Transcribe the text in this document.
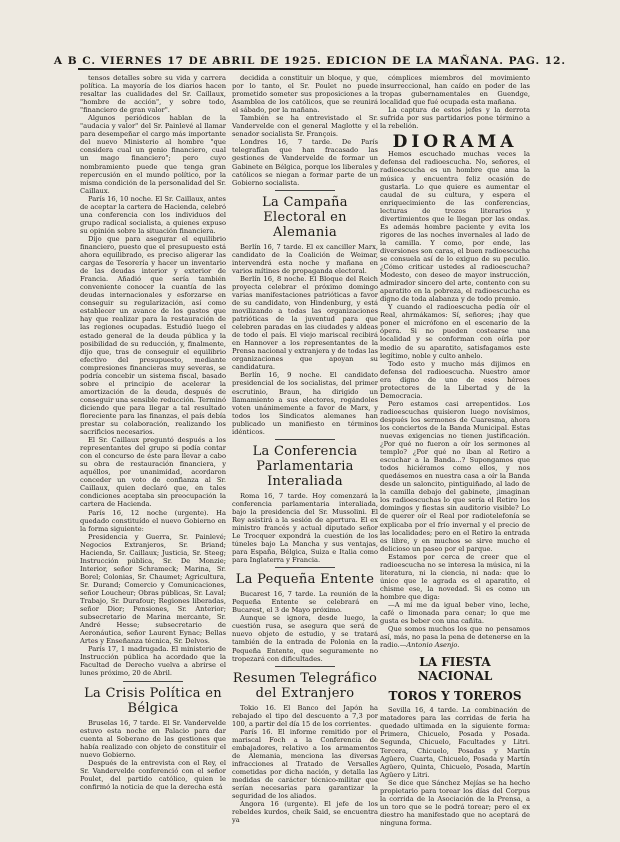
A B C. VIERNES 17 DE ABRIL DE 1925. EDICION DE LA MAÑANA. PAG. 12.

tensos detalles sobre su vida y carrera política. La mayoría de los diarios hacen resaltar las cualidades del Sr. Caillaux, "hombre de acción", y sobre todo, "financiero de gran valor".

Algunos periódicos hablan de la "audacia y valor" del Sr. Painlevé al llamar para desempeñar el cargo más importante del nuevo Ministerio al hombre "que considera cual un genio financiero, cual un mago financiero"; pero cuyo nombramiento puede que tenga gran repercusión en el mundo político, por la misma condición de la personalidad del Sr. Caillaux.

París 16, 10 noche. El Sr. Caillaux, antes de aceptar la cartera de Hacienda, celebró una conferencia con los individuos del grupo radical socialista, a quienes expuso su opinión sobre la situación financiera.

Dijo que para asegurar el equilibrio financiero, puesto que el presupuesto está ahora equilibrado, es preciso aligerar las cargas de Tesorería y hacer un inventario de las deudas interior y exterior de Francia. Añadió que sería también conveniente conocer la cuantía de las deudas internacionales y esforzarse en conseguir su regularización, así como establecer un avance de los gastos que hay que realizar para la restauración de las regiones ocupadas. Estudió luego el estado general de la deuda pública y la posibilidad de su reducción, y, finalmente, dijo que, tras de conseguir el equilibrio efectivo del presupuesto, mediante compresiones financieras muy severas, se podría concebir un sistema fiscal, basado sobre el principio de acelerar la amortización de la deuda, después de conseguir una sensible reducción. Terminó diciendo que para llegar a tal resultado floreciente para las finanzas, el país debía prestar su colaboración, realizando los sacrificios necesarios.

El Sr. Caillaux preguntó después a los representantes del grupo si podía contar con el concurso de éste para llevar a cabo su obra de restauración financiera, y aquéllos, por unanimidad, acordaron conceder un voto de confianza al Sr. Caillaux, quien declaró que, en tales condiciones aceptaba sin preocupación la cartera de Hacienda.

París 16, 12 noche (urgente). Ha quedado constituído el nuevo Gobierno en la forma siguiente:

Presidencia y Guerra, Sr. Painlevé; Negocios Extranjeros, Sr. Briand; Hacienda, Sr. Caillaux; Justicia, Sr. Steeg; Instrucción pública, Sr. De Monzie; Interior, señor Schrameck; Marina, Sr. Borel; Colonias, Sr. Chaumet; Agricultura, Sr. Durand; Comercio y Comunicaciones, señor Loucheur; Obras públicas, Sr. Laval; Trabajo, Sr. Durafour; Regiones liberadas, señor Dior; Pensiones, Sr. Anterior; subsecretario de Marina mercante, Sr. André Hesse; subsecretario de Aeronáutica, señor Laurent Eynac; Bellas Artes y Enseñanza técnica, Sr. Delvos.

París 17, 1 madrugada. El ministerio de Instrucción pública ha acordado que la Facultad de Derecho vuelva a abrirse el lunes próximo, 20 de Abril.

La Crisis Política en Bélgica

Bruselas 16, 7 tarde. El Sr. Vandervelde estuvo esta noche en Palacio para dar cuenta al Soberano de las gestiones que había realizado con objeto de constituir el nuevo Gobierno.

Después de la entrevista con el Rey, el Sr. Vandervelde conferenció con el señor Poulet, del partido católico, quien le confirmó la noticia de que la derecha está

decidida a constituir un bloque, y que, por lo tanto, el Sr. Poulet no puede prometido someter sus proposiciones a la Asamblea de los católicos, que se reunirá el sábado, por la mañana.

También se ha entrevistado el Sr. Vandervelde con el general Maglotte y el senador socialista Sr. François.

Londres 16, 7 tarde. De París telegrafían que han fracasado las gestiones de Vandervelde de formar un Gabinete en Bélgica, porque los liberales y católicos se niegan a formar parte de un Gobierno socialista.

La Campaña Electoral en Alemania

Berlín 16, 7 tarde. El ex canciller Marx, candidato de la Coalición de Weimar, intervendrá esta noche y mañana en varios mítines de propaganda electoral.

Berlín 16, 8 noche. El Bloque del Reich proyecta celebrar el próximo domingo varias manifestaciones patrióticas a favor de su candidato, von Hindenburg, y está movilizando a todas las organizaciones patrióticas de la juventud para que celebren paradas en las ciudades y aldeas de todo el país. El viejo mariscal recibirá en Hannover a los representantes de la Prensa nacional y extranjera y de todas las organizaciones que apoyan su candidatura.

Berlín 16, 9 noche. El candidato presidencial de los socialistas, del primer escrutinio, Braun, ha dirigido un llamamiento a sus electores, rogándoles voten unánimemente a favor de Marx, y todos los Sindicatos alemanes han publicado un manifiesto en términos idénticos.

La Conferencia Parlamentaria Interaliada

Roma 16, 7 tarde. Hoy comenzará la conferencia parlamentaria interaliada, bajo la presidencia del Sr. Mussolini. El Rey asistirá a la sesión de apertura. El ex ministro francés y actual diputado señor Le Trocquer expondrá la cuestión de los túneles bajo La Mancha y sus ventajas, para España, Bélgica, Suiza e Italia como para Inglaterra y Francia.

La Pequeña Entente

Bucarest 16, 7 tarde. La reunión de la Pequeña Entente se celebrará en Bucarest, el 3 de Mayo próximo.

Aunque se ignora, desde luego, la cuestión rusa, se asegura que será de nuevo objeto de estudio, y se tratará también de la entrada de Polonia en la Pequeña Entente, que seguramente no tropezará con dificultades.

Resumen Telegráfico del Extranjero

Tokio 16. El Banco del Japón ha rebajado el tipo del descuento a 7,3 por 100, a partir del día 15 de los corrientes.

París 16. El informe remitido por el mariscal Foch a la Conferencia de embajadores, relativo a los armamentos de Alemania, menciona las diversas infracciones al Tratado de Versalles cometidas por dicha nación, y detalla las medidas de carácter técnico-militar que serían necesarias para garantizar la seguridad de los aliados.

Angora 16 (urgente). El jefe de los rebeldes kurdos, cheik Said, se encuentra ya

cómplices miembros del movimiento insurreccional, han caído en poder de las tropas gubernamentales en Guendge, localidad que fué ocupada esta mañana.

La captura de estos jefes y la derrota sufrida por sus partidarios pone término a la rebelión.

DIORAMA

Hemos escuchado muchas veces la defensa del radioescucha. No, señores, el radioescucha es un hombre que ama la música y encuentra feliz ocasión de gustarla. Lo que quiere es aumentar el caudal de su cultura, y espera el enriquecimiento de las conferencias, lecturas de trozos literarios y divertimientos que le llegan por las ondas. Es además hombre paciente y evita los rigores de las noches invernales al lado de la camilla. Y como, por ende, las diversiones son caras, el buen radioescucha se consuela así de lo exiguo de su peculio. ¿Cómo criticar ustedes al radioescucha? Modesto, con deseo de mayor instrucción, admirador sincero del arte, contento con su aparatito en la pobreza, el radioescucha es digno de toda alabanza y de todo premio.

Y cuando el radioescucha pedía oír el Real, ahrmákamos: Sí, señores; ¡hay que poner el micrófono en el escenario de la ópera. Si no pueden costearse una localidad y se conforman con oírla por medio de su aparatito, satisfagamos este legítimo, noble y culto anhelo.

Todo esto y mucho más dijimos en defensa del radioescucha. Nuestro amor era digno de uno de esos héroes protectores de la Libertad y de la Democracia.

Pero estamos casi arrepentidos. Los radioescuchas quisieron luego novísimos, después los sermones de Cuaresma, ahora los conciertos de la Banda Municipal. Estas nuevas exigencias no tienen justificación. ¿Por qué no fueron a oír los sermones al templo? ¿Por qué no iban al Retiro a escuchar a la Banda...? Supongamos que todos hiciéramos como ellos, y nos quedásemos en nuestra casa a oír la Banda desde un saloncito, pintiguiñado, al lado de la camilla debajo del gabinete, ¡imaginan los radioescuchas lo que sería el Retiro los domingos y fiestas sin auditorio visible? Lo de querer oír el Real por radiotelefonía se explicaba por el frío invernal y el precio de las localidades; pero en el Retiro la entrada es libre, y en muchos se sirve mucho el delicioso un paseo por el parque.

Estamos por cerca de creer que el radioescucha no se interesa la música, ni la literatura, ni la ciencia, ni nada: que lo único que le agrada es el aparatito, el chisme ese, la novedad. Si es como un hombre que diga:

—A mí me da igual beber vino, leche, café o limonada para cenar; lo que me gusta es beber con una cañita.

Que somos muchos los que no pensamos así, más, no pasa la pena de detenerse en la radio.—Antonio Asenjo.

LA FIESTA NACIONAL
TOROS Y TOREROS

Sevilla 16, 4 tarde. La combinación de matadores para las corridas de feria ha quedado ultimada en la siguiente forma: Primera, Chicuelo, Posada y Posada. Segunda, Chicuelo, Facultades y Litri. Tercera, Chicuelo, Posadas y Martín Agüero, Cuarta, Chicuelo, Posada y Martín Agüero, Quinta, Chicuelo, Posada, Martín Agüero y Litri.

Se dice que Sánchez Mejías se ha hecho propietario para torear los días del Corpus la corrida de la Asociación de la Prensa, a un toro que se le podrá torear; pero el ex diestro ha manifestado que no aceptará de ninguna forma.
